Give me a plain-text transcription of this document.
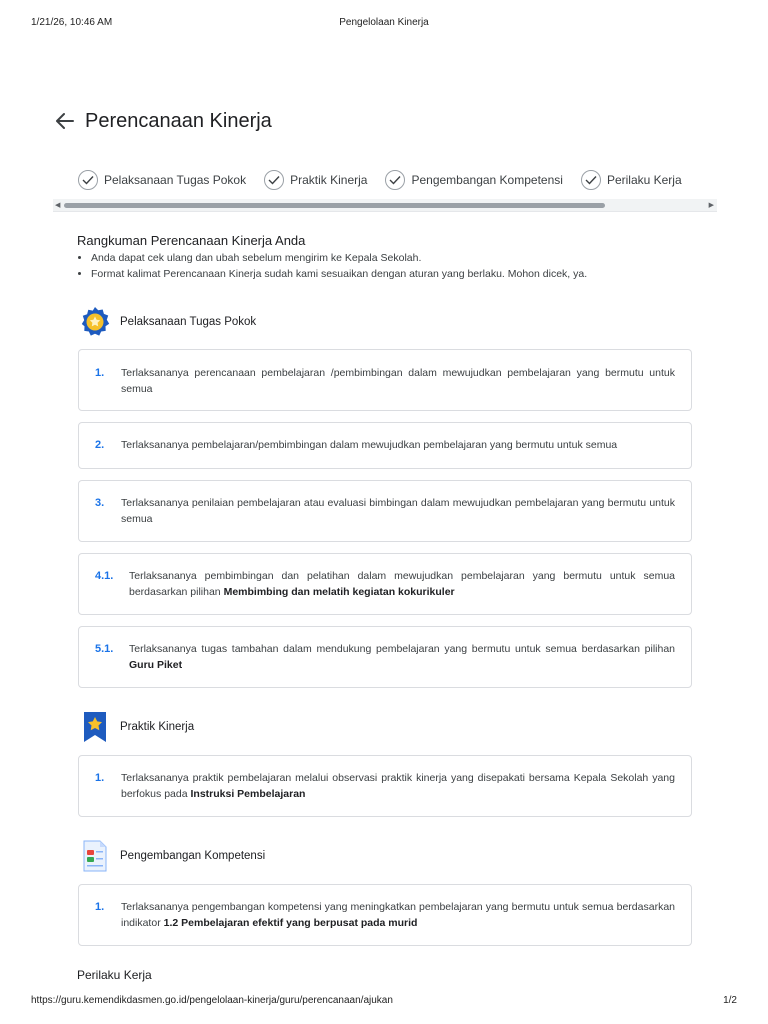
1/21/26, 10:46 AM	Pengelolaan Kinerja
Perencanaan Kinerja
Pelaksanaan Tugas Pokok	Praktik Kinerja	Pengembangan Kompetensi	Perilaku Kerja
◀	▶
Rangkuman Perencanaan Kinerja Anda
• Anda dapat cek ulang dan ubah sebelum mengirim ke Kepala Sekolah.
• Format kalimat Perencanaan Kinerja sudah kami sesuaikan dengan aturan yang berlaku. Mohon dicek, ya.
Pelaksanaan Tugas Pokok
1.	Terlaksananya perencanaan pembelajaran /pembimbingan dalam mewujudkan pembelajaran yang bermutu untuk semua
2.	Terlaksananya pembelajaran/pembimbingan dalam mewujudkan pembelajaran yang bermutu untuk semua
3.	Terlaksananya penilaian pembelajaran atau evaluasi bimbingan dalam mewujudkan pembelajaran yang bermutu untuk semua
4.1.	Terlaksananya pembimbingan dan pelatihan dalam mewujudkan pembelajaran yang bermutu untuk semua berdasarkan pilihan Membimbing dan melatih kegiatan kokurikuler
5.1.	Terlaksananya tugas tambahan dalam mendukung pembelajaran yang bermutu untuk semua berdasarkan pilihan Guru Piket
Praktik Kinerja
1.	Terlaksananya praktik pembelajaran melalui observasi praktik kinerja yang disepakati bersama Kepala Sekolah yang berfokus pada Instruksi Pembelajaran
Pengembangan Kompetensi
1.	Terlaksananya pengembangan kompetensi yang meningkatkan pembelajaran yang bermutu untuk semua berdasarkan indikator 1.2 Pembelajaran efektif yang berpusat pada murid
Perilaku Kerja
https://guru.kemendikdasmen.go.id/pengelolaan-kinerja/guru/perencanaan/ajukan	1/2
